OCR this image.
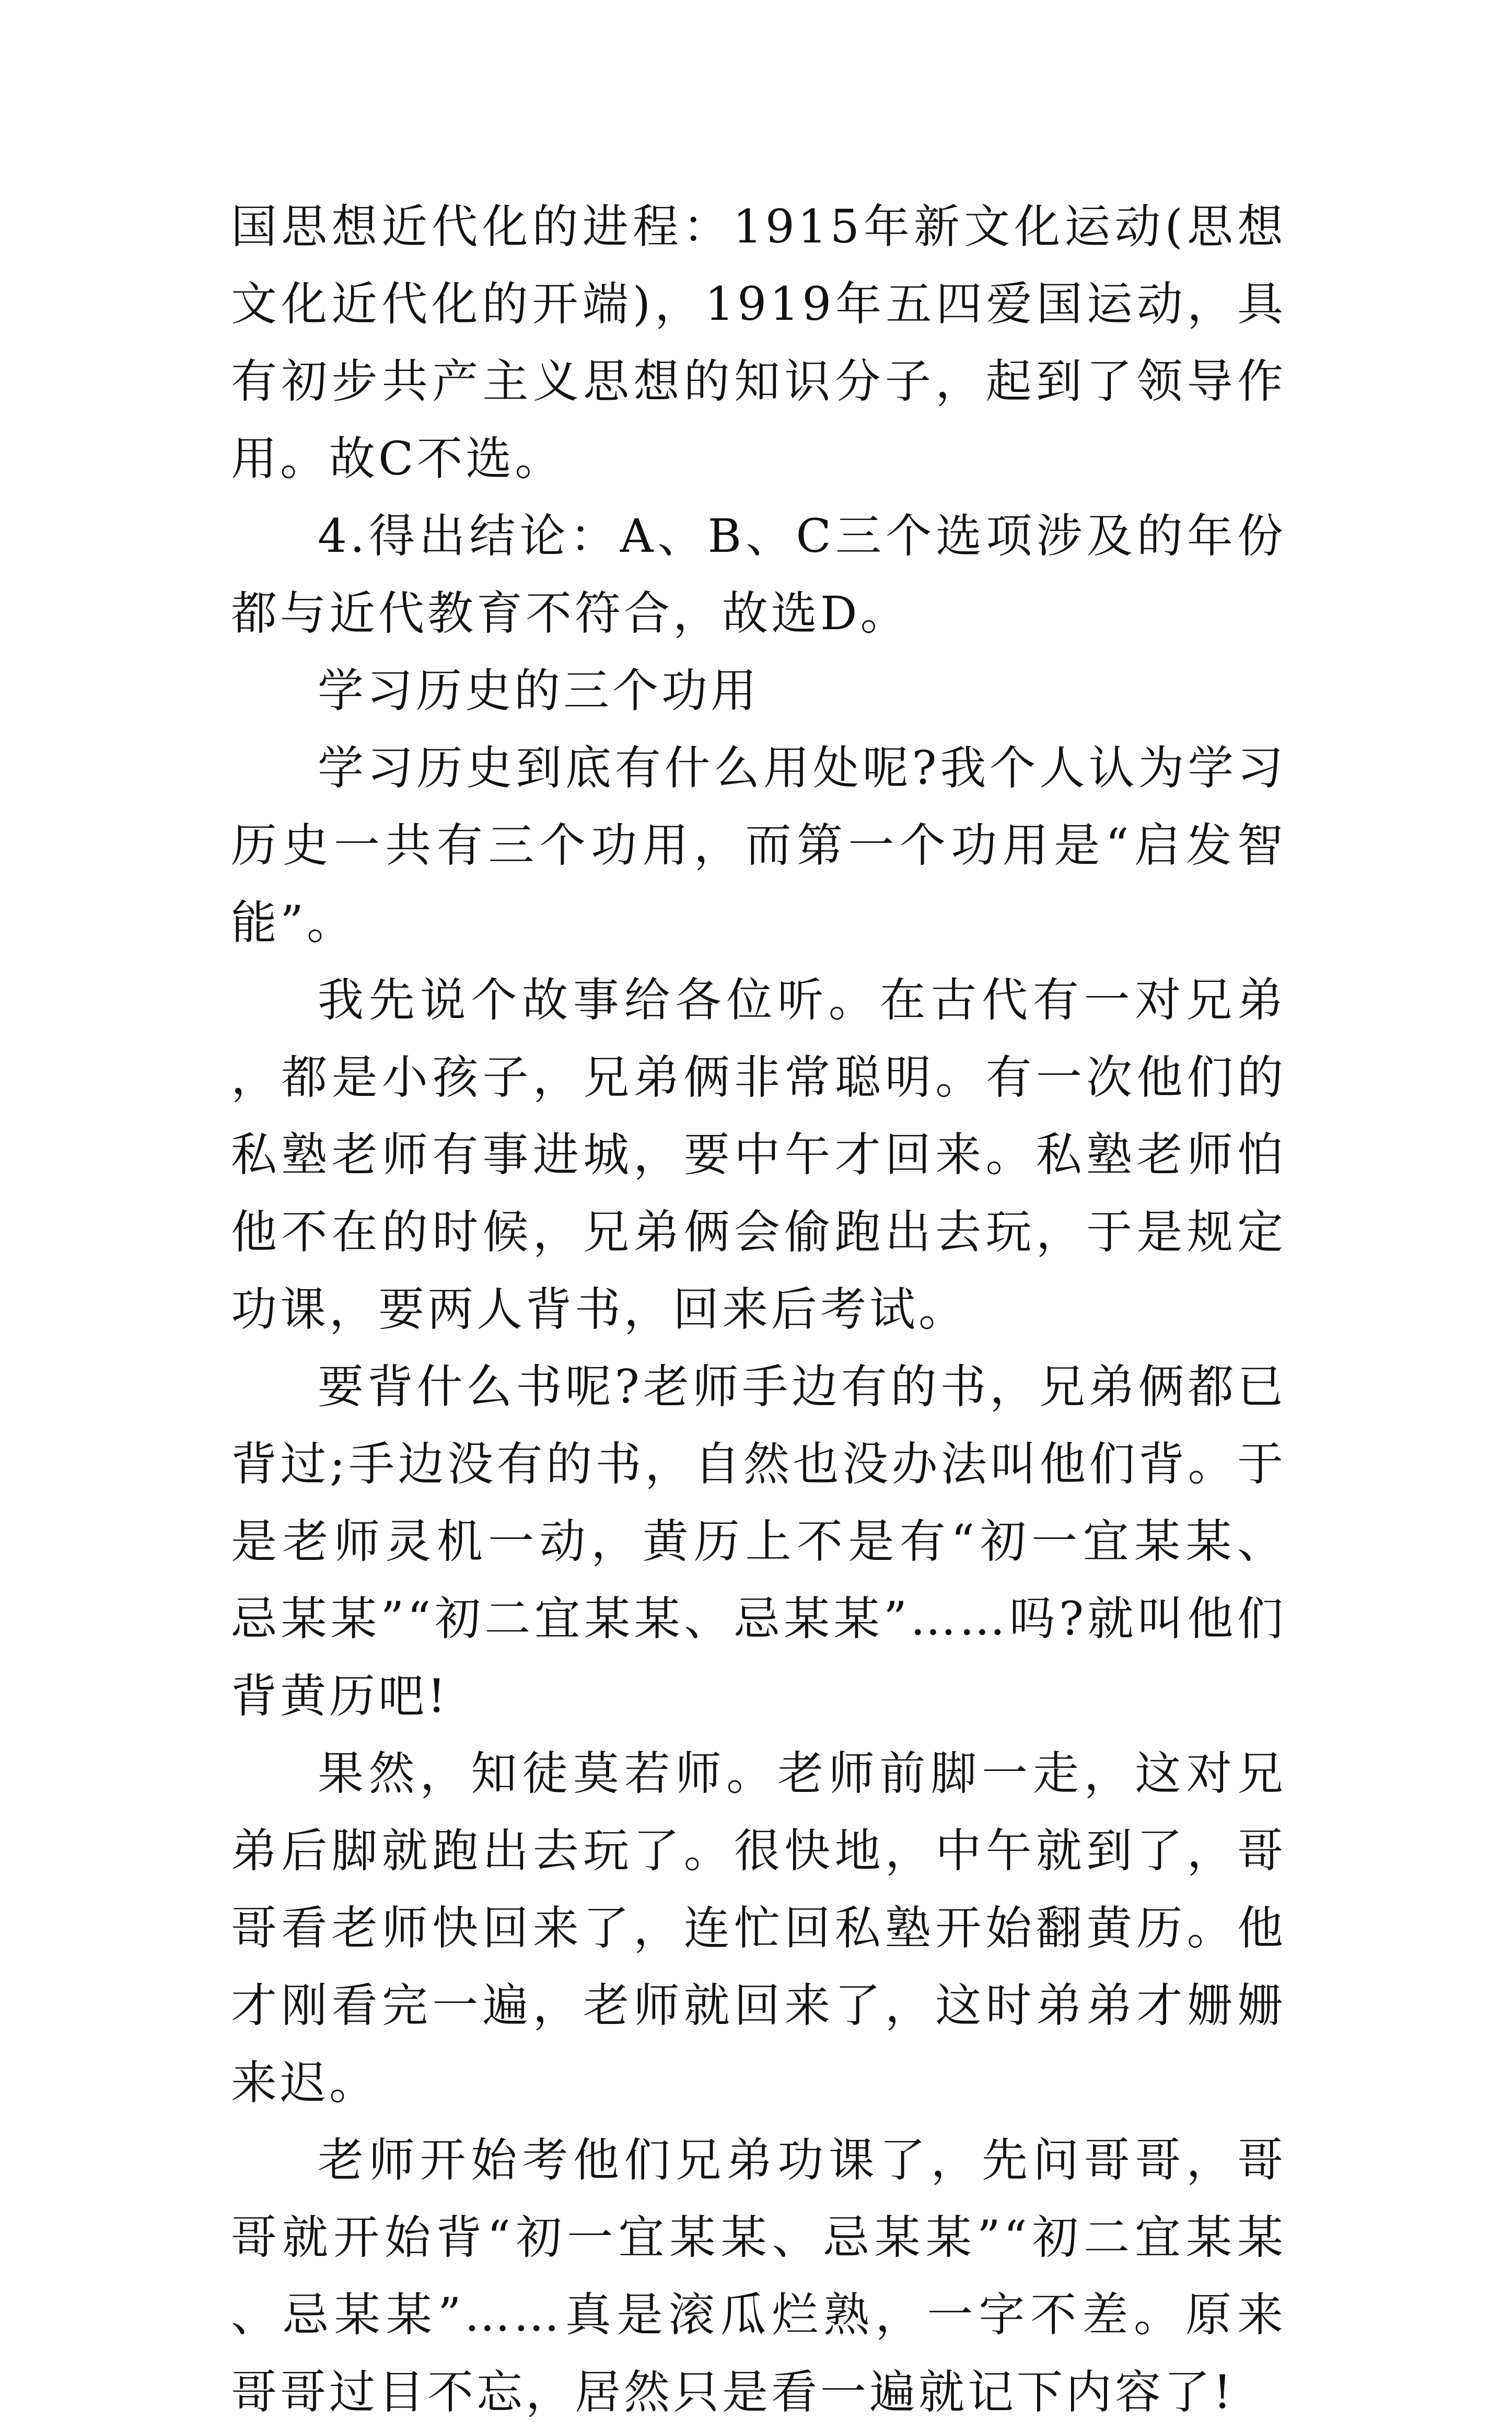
国思想近代化的进程：1915年新文化运动(思想文化近代化的开端)，1919年五四爱国运动，具有初步共产主义思想的知识分子，起到了领导作用。故C不选。

4.得出结论：A、B、C三个选项涉及的年份都与近代教育不符合，故选D。

学习历史的三个功用

学习历史到底有什么用处呢?我个人认为学习历史一共有三个功用，而第一个功用是“启发智能”。

我先说个故事给各位听。在古代有一对兄弟，都是小孩子，兄弟俩非常聪明。有一次他们的私塾老师有事进城，要中午才回来。私塾老师怕他不在的时候，兄弟俩会偷跑出去玩，于是规定功课，要两人背书，回来后考试。

要背什么书呢?老师手边有的书，兄弟俩都已背过;手边没有的书，自然也没办法叫他们背。于是老师灵机一动，黄历上不是有“初一宜某某、忌某某”“初二宜某某、忌某某”……吗?就叫他们背黄历吧!

果然，知徒莫若师。老师前脚一走，这对兄弟后脚就跑出去玩了。很快地，中午就到了，哥哥看老师快回来了，连忙回私塾开始翻黄历。他才刚看完一遍，老师就回来了，这时弟弟才姗姗来迟。

老师开始考他们兄弟功课了，先问哥哥，哥哥就开始背“初一宜某某、忌某某”“初二宜某某、忌某某”……真是滚瓜烂熟，一字不差。原来哥哥过目不忘，居然只是看一遍就记下内容了!
